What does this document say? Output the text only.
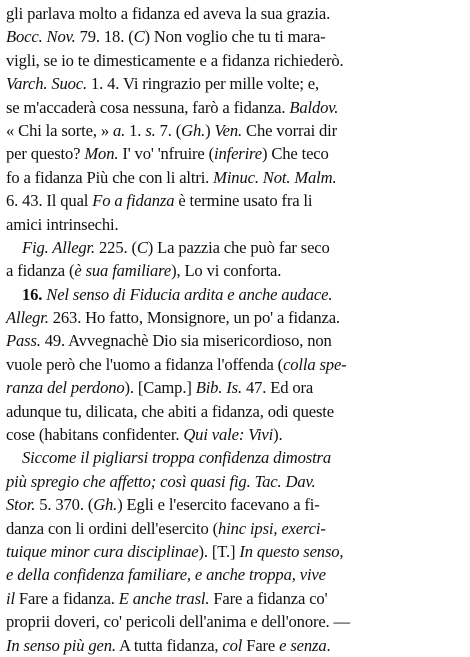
gli parlava molto a fidanza ed aveva la sua grazia.
Bocc. Nov. 79. 18. (C) Non voglio che tu ti mara-
vigli, se io te dimesticamente e a fidanza richiederò.
Varch. Suoc. 1. 4. Vi ringrazio per mille volte; e,
se m'accaderà cosa nessuna, farò a fidanza. Baldov.
« Chi la sorte, » a. 1. s. 7. (Gh.) Ven. Che vorrai dir
per questo? Mon. I' vo' 'nfruire (inferire) Che teco
fo a fidanza Più che con li altri. Minuc. Not. Malm.
6. 43. Il qual Fo a fidanza è termine usato fra li
amici intrinsechi.
Fig. Allegr. 225. (C) La pazzia che può far seco
a fidanza (è sua familiare), Lo vi conforta.
16. Nel senso di Fiducia ardita e anche audace.
Allegr. 263. Ho fatto, Monsignore, un po' a fidanza.
Pass. 49. Avvegnachè Dio sia misericordioso, non
vuole però che l'uomo a fidanza l'offenda (colla spe-
ranza del perdono). [Camp.] Bib. Is. 47. Ed ora
adunque tu, dilicata, che abiti a fidanza, odi queste
cose (habitans confidenter. Qui vale: Vivi).
Siccome il pigliarsi troppa confidenza dimostra
più spregio che affetto; così quasi fig. Tac. Dav.
Stor. 5. 370. (Gh.) Egli e l'esercito facevano a fi-
danza con li ordini dell'esercito (hinc ipsi, exerci-
tuique minor cura disciplinae). [T.] In questo senso,
e della confidenza familiare, e anche troppa, vive
il Fare a fidanza. E anche trasl. Fare a fidanza co'
proprii doveri, co' pericoli dell'anima e dell'onore. —
In senso più gen. A tutta fidanza, col Fare e senza.
